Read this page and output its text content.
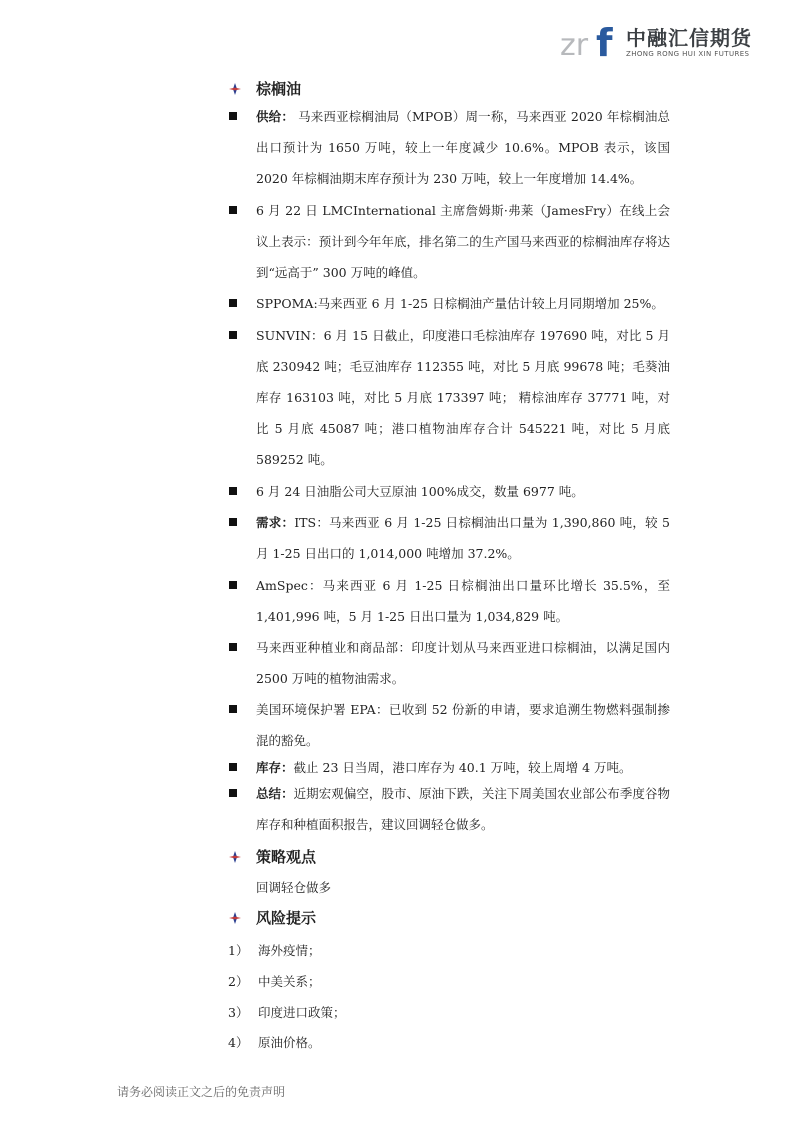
zr f 中融汇信期货
ZHONG RONG HUI XIN FUTURES
棕榈油
供给： 马来西亚棕榈油局（MPOB）周一称，马来西亚 2020 年棕榈油总出口预计为 1650 万吨，较上一年度减少 10.6%。MPOB 表示，该国 2020 年棕榈油期末库存预计为 230 万吨，较上一年度增加 14.4%。
6 月 22 日 LMCInternational 主席詹姆斯·弗莱（JamesFry）在线上会议上表示：预计到今年年底，排名第二的生产国马来西亚的棕榈油库存将达到“远高于” 300 万吨的峰值。
SPPOMA:马来西亚 6 月 1-25 日棕榈油产量估计较上月同期增加 25%。
SUNVIN：6 月 15 日截止，印度港口毛棕油库存 197690 吨，对比 5 月底 230942 吨；毛豆油库存 112355 吨，对比 5 月底 99678 吨；毛葵油库存 163103 吨，对比 5 月底 173397 吨； 精棕油库存 37771 吨，对比 5 月底 45087 吨；港口植物油库存合计 545221 吨，对比 5 月底 589252 吨。
6 月 24 日油脂公司大豆原油 100%成交，数量 6977 吨。
需求：ITS：马来西亚 6 月 1-25 日棕榈油出口量为 1,390,860 吨，较 5 月 1-25 日出口的 1,014,000 吨增加 37.2%。
AmSpec：马来西亚 6 月 1-25 日棕榈油出口量环比增长 35.5%，至 1,401,996 吨，5 月 1-25 日出口量为 1,034,829 吨。
马来西亚种植业和商品部：印度计划从马来西亚进口棕榈油，以满足国内 2500 万吨的植物油需求。
美国环境保护署 EPA：已收到 52 份新的申请，要求追溯生物燃料强制掺混的豁免。
库存：截止 23 日当周，港口库存为 40.1 万吨，较上周增 4 万吨。
总结：近期宏观偏空，股市、原油下跌，关注下周美国农业部公布季度谷物库存和种植面积报告，建议回调轻仓做多。
策略观点
回调轻仓做多
风险提示
1） 海外疫情；
2） 中美关系；
3） 印度进口政策；
4） 原油价格。
请务必阅读正文之后的免责声明
